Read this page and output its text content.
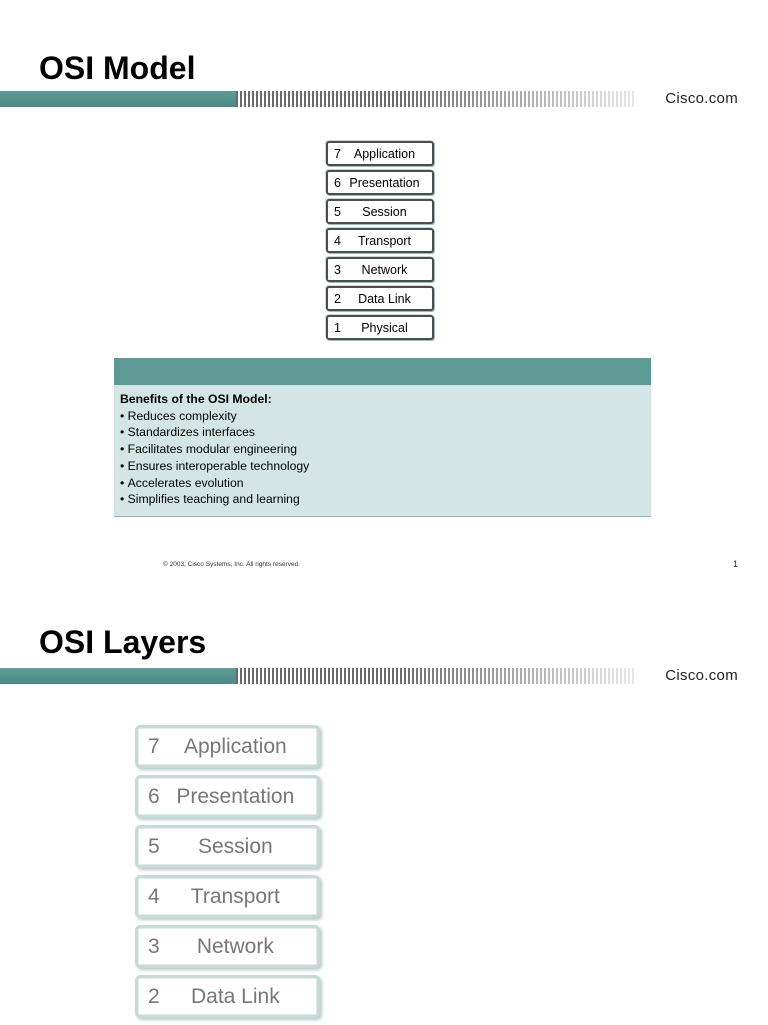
OSI Model
Cisco.com
7	Application
6 Presentation
5	Session
4	Transport
3	Network
2	Data Link
1	Physical
Benefits of the OSI Model:
• Reduces complexity
• Standardizes interfaces
• Facilitates modular engineering
• Ensures interoperable technology
• Accelerates evolution
• Simplifies teaching and learning
© 2003, Cisco Systems, Inc. All rights reserved.	1
OSI Layers
Cisco.com
7	Application
6 Presentation
5	Session
4	Transport
3	Network
2	Data Link
